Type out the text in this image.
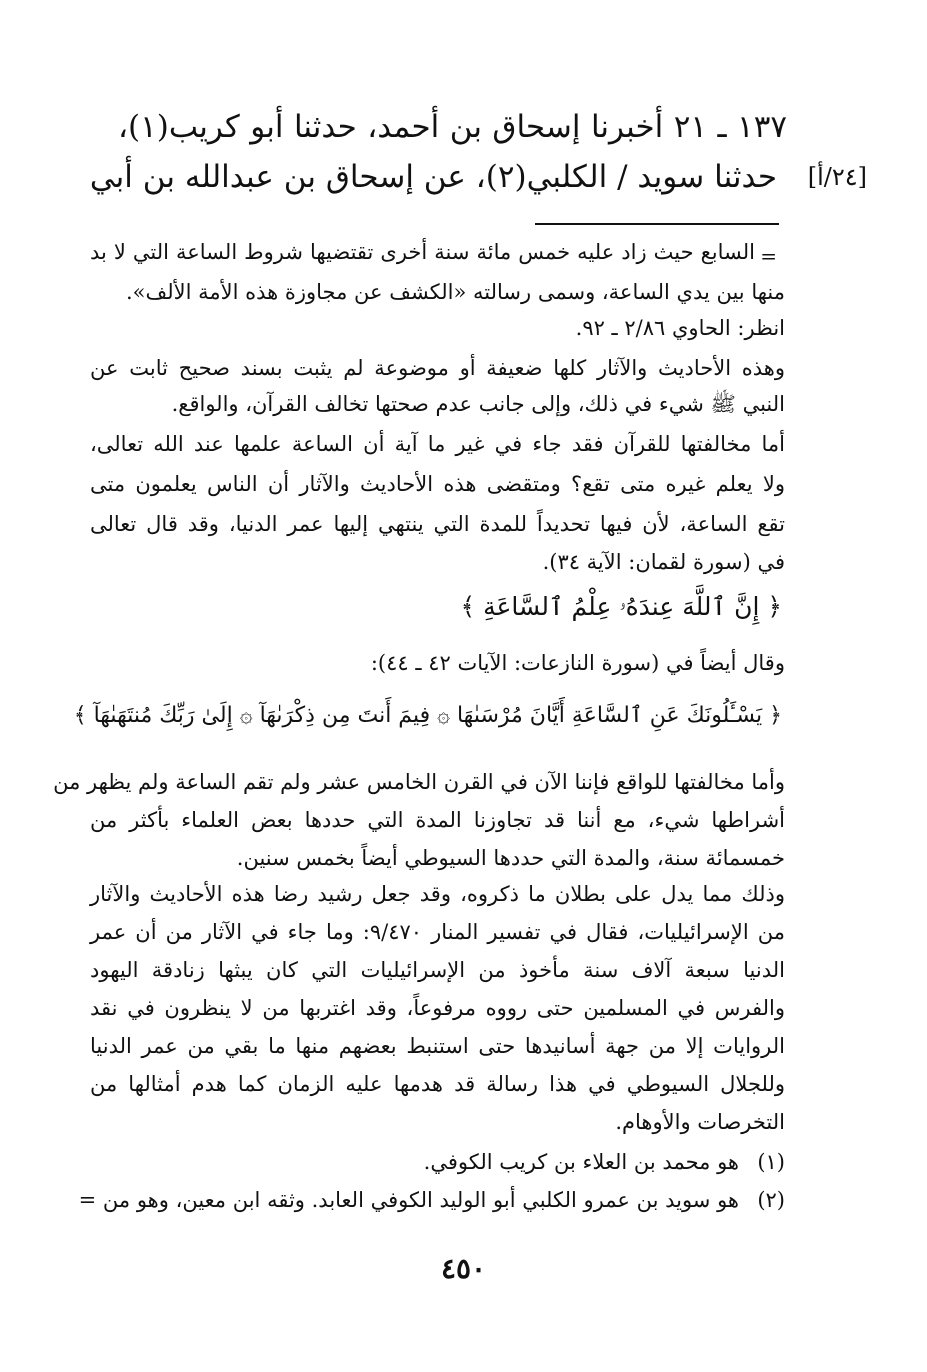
١٣٧ ـ ٢١ أخبرنا إسحاق بن أحمد، حدثنا أبو كريب(١)،
حدثنا سويد / الكلبي(٢)، عن إسحاق بن عبدالله بن أبي [٢٤/أ]
=
السابع حيث زاد عليه خمس مائة سنة أخرى تقتضيها شروط الساعة التي لا بد
منها بين يدي الساعة، وسمى رسالته «الكشف عن مجاوزة هذه الأمة الألف».
انظر: الحاوي ٢/٨٦ ـ ٩٢.
وهذه الأحاديث والآثار كلها ضعيفة أو موضوعة لم يثبت بسند صحيح ثابت عن
النبي ﷺ شيء في ذلك، وإلى جانب عدم صحتها تخالف القرآن، والواقع.
أما مخالفتها للقرآن فقد جاء في غير ما آية أن الساعة علمها عند الله تعالى،
ولا يعلم غيره متى تقع؟ ومتقضى هذه الأحاديث والآثار أن الناس يعلمون متى
تقع الساعة، لأن فيها تحديداً للمدة التي ينتهي إليها عمر الدنيا، وقد قال تعالى
في (سورة لقمان: الآية ٣٤).
﴿ إِنَّ ٱللَّهَ عِندَهُۥ عِلْمُ ٱلسَّاعَةِ ﴾
وقال أيضاً في (سورة النازعات: الآيات ٤٢ ـ ٤٤):
﴿ يَسْـَٔلُونَكَ عَنِ ٱلسَّاعَةِ أَيَّانَ مُرْسَىٰهَا ۞ فِيمَ أَنتَ مِن ذِكْرَىٰهَآ ۞ إِلَىٰ رَبِّكَ مُنتَهَىٰهَآ ﴾
وأما مخالفتها للواقع فإننا الآن في القرن الخامس عشر ولم تقم الساعة ولم يظهر من
أشراطها شيء، مع أننا قد تجاوزنا المدة التي حددها بعض العلماء بأكثر من
خمسمائة سنة، والمدة التي حددها السيوطي أيضاً بخمس سنين.
وذلك مما يدل على بطلان ما ذكروه، وقد جعل رشيد رضا هذه الأحاديث والآثار
من الإسرائيليات، فقال في تفسير المنار ٩/٤٧٠: وما جاء في الآثار من أن عمر
الدنيا سبعة آلاف سنة مأخوذ من الإسرائيليات التي كان يبثها زنادقة اليهود
والفرس في المسلمين حتى رووه مرفوعاً، وقد اغتربها من لا ينظرون في نقد
الروايات إلا من جهة أسانيدها حتى استنبط بعضهم منها ما بقي من عمر الدنيا
وللجلال السيوطي في هذا رسالة قد هدمها عليه الزمان كما هدم أمثالها من
التخرصات والأوهام.
(١)هو محمد بن العلاء بن كريب الكوفي.
(٢)هو سويد بن عمرو الكلبي أبو الوليد الكوفي العابد. وثقه ابن معين، وهو من =
٤٥٠
